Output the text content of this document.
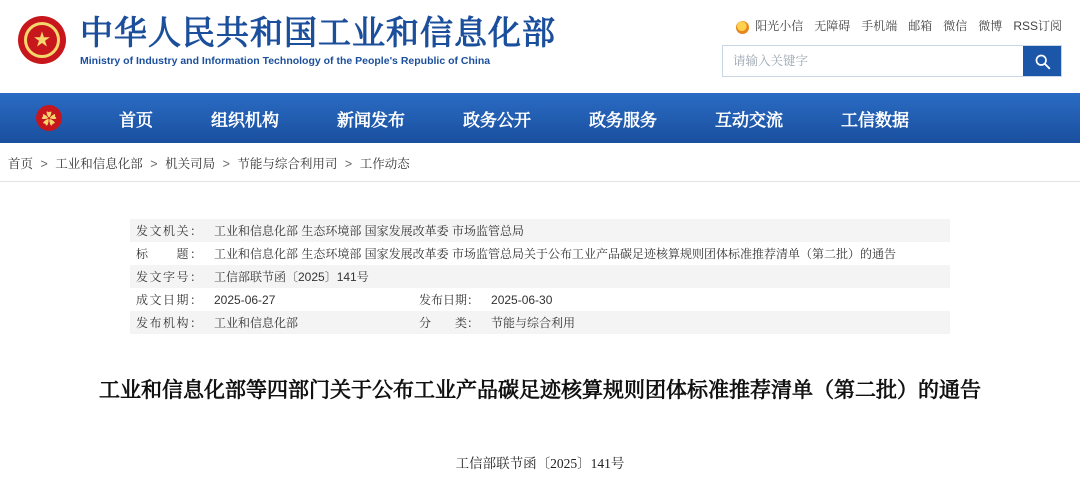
★ 中华人民共和国工业和信息化部
Ministry of Industry and Information Technology of the People's Republic of China
阳光小信 无障碍 手机端 邮箱 微信 微博 RSS订阅
请输入关键字
✿	首页	组织机构	新闻发布	政务公开	政务服务	互动交流	工信数据
首页 > 工业和信息化部 > 机关司局 > 节能与综合利用司 > 工作动态
发文机关：	工业和信息化部 生态环境部 国家发展改革委 市场监管总局		
标　　题：	工业和信息化部 生态环境部 国家发展改革委 市场监管总局关于公布工业产品碳足迹核算规则团体标准推荐清单（第二批）的通告		
发文字号：	工信部联节函〔2025〕141号		
成文日期：	2025-06-27	发布日期：	2025-06-30
发布机构：	工业和信息化部	分　　类：	节能与综合利用
工业和信息化部等四部门关于公布工业产品碳足迹核算规则团体标准推荐清单（第二批）的通告
工信部联节函〔2025〕141号
